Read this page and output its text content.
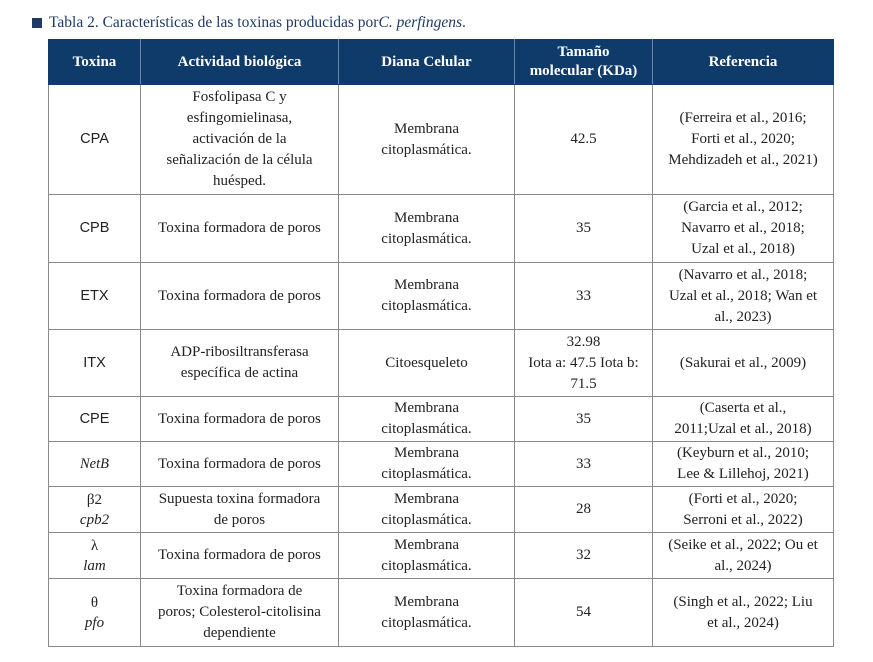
Tabla 2. Características de las toxinas producidas por C. perfingens .
Toxina	Actividad biológica	Diana Celular	Tamaño
molecular (KDa)	Referencia
CPA	Fosfolipasa C y
esfingomielinasa,
activación de la
señalización de la célula
huésped.	Membrana
citoplasmática.	42.5	(Ferreira et al., 2016;
Forti et al., 2020;
Mehdizadeh et al., 2021)

CPB	Toxina formadora de poros	Membrana
citoplasmática.	35	(Garcia et al., 2012;
Navarro et al., 2018;
Uzal et al., 2018)

ETX	Toxina formadora de poros	Membrana
citoplasmática.	33	(Navarro et al., 2018;
Uzal et al., 2018; Wan et
al., 2023)

ITX	ADP-ribosiltransferasa
específica de actina	Citoesqueleto	32.98
Iota a: 47.5 Iota b:
71.5	(Sakurai et al., 2009)

CPE	Toxina formadora de poros	Membrana
citoplasmática.	35	(Caserta et al.,
2011;Uzal et al., 2018)

NetB	Toxina formadora de poros	Membrana
citoplasmática.	33	(Keyburn et al., 2010;
Lee & Lillehoj, 2021)

β2
cpb2	Supuesta toxina formadora
de poros	Membrana
citoplasmática.	28	(Forti et al., 2020;
Serroni et al., 2022)

λ
lam	Toxina formadora de poros	Membrana
citoplasmática.	32	(Seike et al., 2022; Ou et
al., 2024)

θ
pfo	Toxina formadora de
poros; Colesterol-citolisina
dependiente	Membrana
citoplasmática.	54	(Singh et al., 2022; Liu
et al., 2024)
